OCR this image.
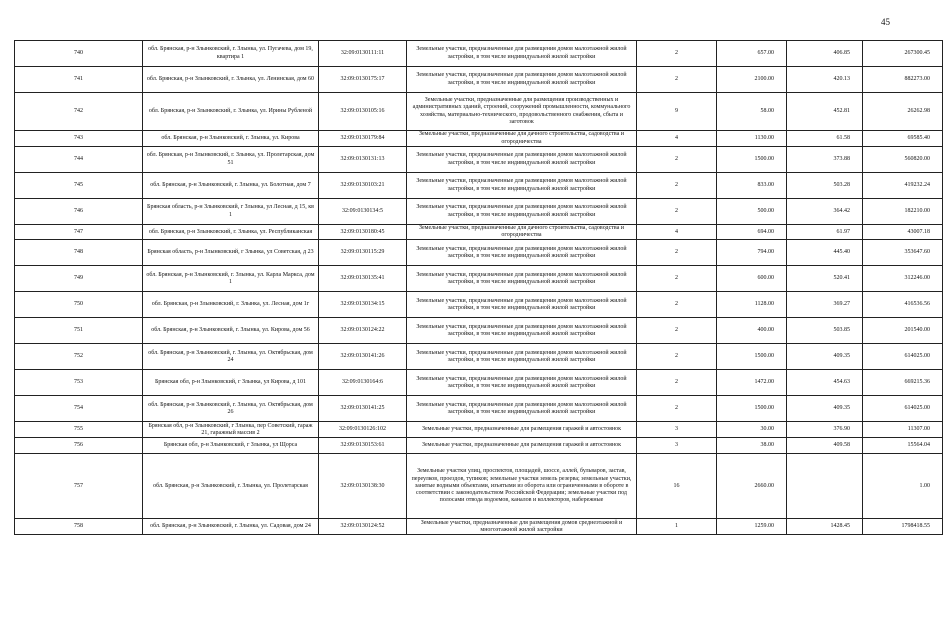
45
740	обл. Брянская, р-н Злынковский, г. Злынка, ул. Пугачева, дом 19, квартира 1	32:09:0130111:11	Земельные участки, предназначенные для размещения домов малоэтажной жилой застройки, в том числе индивидуальной жилой застройки	2	657.00	406.85	267300.45
741	обл. Брянская, р-н Злынковский, г. Злынка, ул. Ленинская, дом 60	32:09:0130175:17	Земельные участки, предназначенные для размещения домов малоэтажной жилой застройки, в том числе индивидуальной жилой застройки	2	2100.00	420.13	882273.00
742	обл. Брянская, р-н Злынковский, г. Злынка, ул. Ирины Рубленой	32:09:0130105:16	Земельные участки, предназначенные для размещения производственных и административных зданий, строений, сооружений промышленности, коммунального хозяйства, материально-технического, продовольственного снабжения, сбыта и заготовок	9	58.00	452.81	26262.98
743	обл. Брянская, р-н Злынковский, г. Злынка, ул. Кирова	32:09:0130179:84	Земельные участки, предназначенные для дачного строительства, садоводства и огородничества	4	1130.00	61.58	69585.40
744	обл. Брянская, р-н Злынковский, г. Злынка, ул. Пролетарская, дом 51	32:09:0130131:13	Земельные участки, предназначенные для размещения домов малоэтажной жилой застройки, в том числе индивидуальной жилой застройки	2	1500.00	373.88	560820.00
745	обл. Брянская, р-н Злынковский, г. Злынка, ул. Болотная, дом 7	32:09:0130103:21	Земельные участки, предназначенные для размещения домов малоэтажной жилой застройки, в том числе индивидуальной жилой застройки	2	833.00	503.28	419232.24
746	Брянская область, р-н Злынковский, г Злынка, ул Лесная, д 15, кв 1	32:09:0130134:5	Земельные участки, предназначенные для размещения домов малоэтажной жилой застройки, в том числе индивидуальной жилой застройки	2	500.00	364.42	182210.00
747	обл. Брянская, р-н Злынковский, г. Злынка, ул. Республиканская	32:09:0130180:45	Земельные участки, предназначенные для дачного строительства, садоводства и огородничества	4	694.00	61.97	43007.18
748	Брянская область, р-н Злынковский, г Злынка, ул Советская, д 23	32:09:0130115:29	Земельные участки, предназначенные для размещения домов малоэтажной жилой застройки, в том числе индивидуальной жилой застройки	2	794.00	445.40	353647.60
749	обл. Брянская, р-н Злынковский, г. Злынка, ул. Карла Маркса, дом 1	32:09:0130135:41	Земельные участки, предназначенные для размещения домов малоэтажной жилой застройки, в том числе индивидуальной жилой застройки	2	600.00	520.41	312246.00
750	обл. Брянская, р-н Злынковский, г. Злынка, ул. Лесная, дом 1г	32:09:0130134:15	Земельные участки, предназначенные для размещения домов малоэтажной жилой застройки, в том числе индивидуальной жилой застройки	2	1128.00	369.27	416536.56
751	обл. Брянская, р-н Злынковский, г. Злынка, ул. Кирова, дом 56	32:09:0130124:22	Земельные участки, предназначенные для размещения домов малоэтажной жилой застройки, в том числе индивидуальной жилой застройки	2	400.00	503.85	201540.00
752	обл. Брянская, р-н Злынковский, г. Злынка, ул. Октябрьская, дом 24	32:09:0130141:26	Земельные участки, предназначенные для размещения домов малоэтажной жилой застройки, в том числе индивидуальной жилой застройки	2	1500.00	409.35	614025.00
753	Брянская обл, р-н Злынковский, г Злынка, ул Кирова, д 101	32:09:0130164:6	Земельные участки, предназначенные для размещения домов малоэтажной жилой застройки, в том числе индивидуальной жилой застройки	2	1472.00	454.63	669215.36
754	обл. Брянская, р-н Злынковский, г. Злынка, ул. Октябрьская, дом 26	32:09:0130141:25	Земельные участки, предназначенные для размещения домов малоэтажной жилой застройки, в том числе индивидуальной жилой застройки	2	1500.00	409.35	614025.00
755	Брянская обл, р-н Злынковский, г Злынка, пер Советский, гараж 21, гаражный массив 2	32:09:0130126:102	Земельные участки, предназначенные для размещения гаражей и автостоянок	3	30.00	376.90	11307.00
756	Брянская обл, р-н Злынковский, г Злынка, ул Щорса	32:09:0130153:61	Земельные участки, предназначенные для размещения гаражей и автостоянок	3	38.00	409.58	15564.04
757	обл. Брянская, р-н Злынковский, г. Злынка, ул. Пролетарская	32:09:0130138:30	Земельные участки улиц, проспектов, площадей, шоссе, аллей, бульваров, застав, переулков, проездов, тупиков; земельные участки земель резерва; земельные участки, занятые водными объектами, изъятыми из оборота или ограниченными в обороте в соответствии с законодательством Российской Федерации; земельные участки под полосами отвода водоемов, каналов и коллекторов, набережные	16	2660.00		1.00
758	обл. Брянская, р-н Злынковский, г. Злынка, ул. Садовая, дом 24	32:09:0130124:52	Земельные участки, предназначенные для размещения домов среднеэтажной и многоэтажной жилой застройки	1	1259.00	1428.45	1798418.55
